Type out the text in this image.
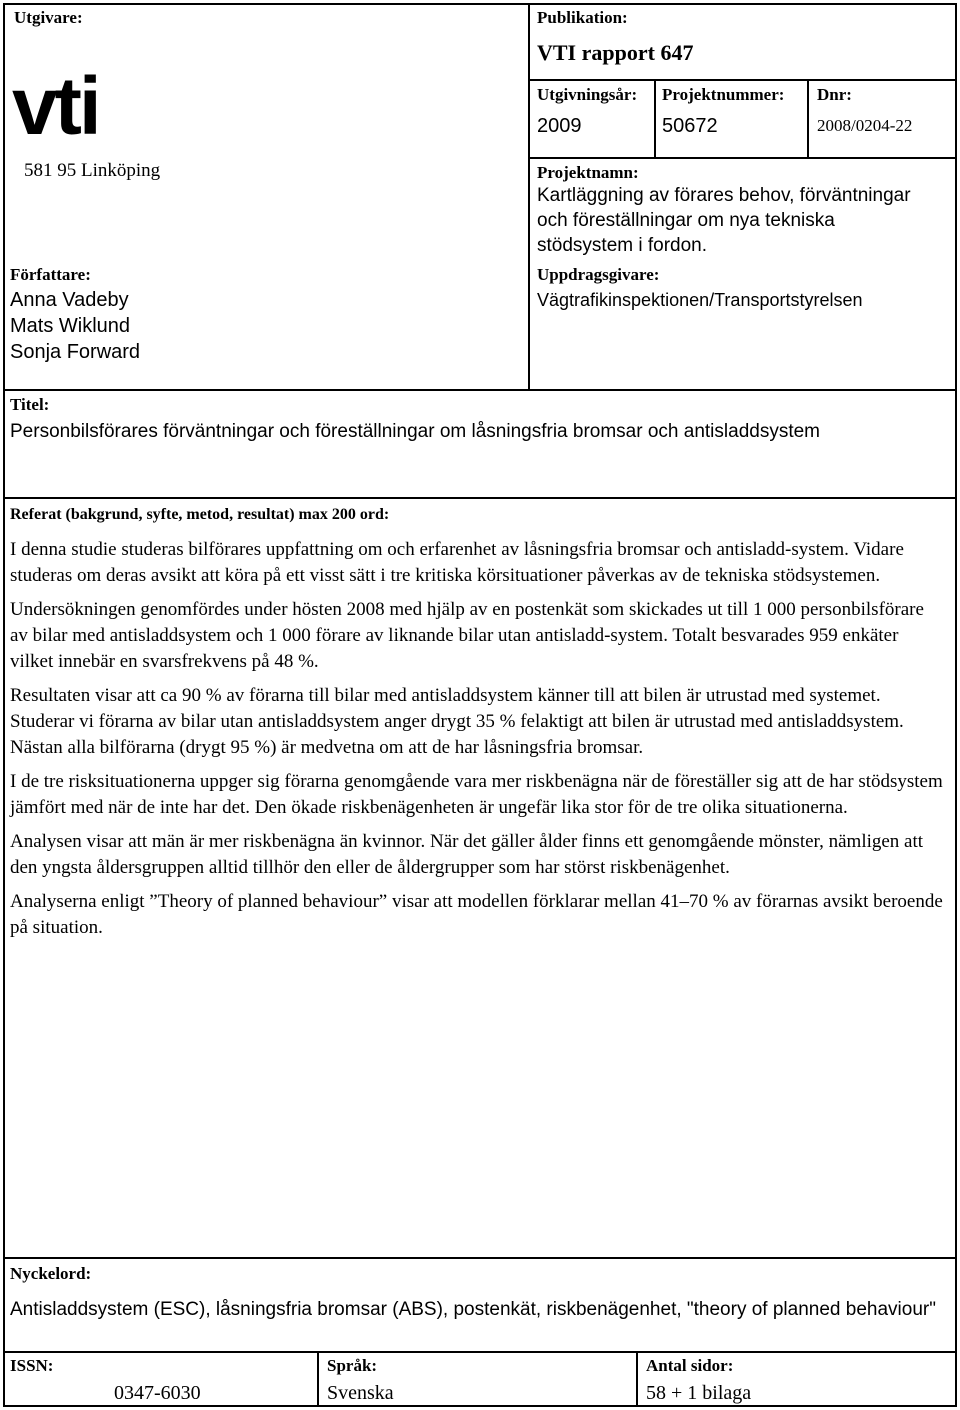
Utgivare:
vti
581 95 Linköping
Författare:
Anna Vadeby
Mats Wiklund
Sonja Forward
Publikation:
VTI rapport 647
Utgivningsår:
2009
Projektnummer:
50672
Dnr:
2008/0204-22
Projektnamn:
Kartläggning av förares behov, förväntningar
och föreställningar om nya tekniska
stödsystem i fordon.
Uppdragsgivare:
Vägtrafikinspektionen/Transportstyrelsen
Titel:
Personbilsförares förväntningar och föreställningar om låsningsfria bromsar och antisladdsystem
Referat (bakgrund, syfte, metod, resultat) max 200 ord:

I denna studie studeras bilförares uppfattning om och erfarenhet av låsningsfria bromsar och antisladd-system. Vidare studeras om deras avsikt att köra på ett visst sätt i tre kritiska körsituationer påverkas av de tekniska stödsystemen.

Undersökningen genomfördes under hösten 2008 med hjälp av en postenkät som skickades ut till 1 000 personbilsförare av bilar med antisladdsystem och 1 000 förare av liknande bilar utan antisladd-system. Totalt besvarades 959 enkäter vilket innebär en svarsfrekvens på 48 %.

Resultaten visar att ca 90 % av förarna till bilar med antisladdsystem känner till att bilen är utrustad med systemet. Studerar vi förarna av bilar utan antisladdsystem anger drygt 35 % felaktigt att bilen är utrustad med antisladdsystem. Nästan alla bilförarna (drygt 95 %) är medvetna om att de har låsningsfria bromsar.

I de tre risksituationerna uppger sig förarna genomgående vara mer riskbenägna när de föreställer sig att de har stödsystem jämfört med när de inte har det. Den ökade riskbenägenheten är ungefär lika stor för de tre olika situationerna.

Analysen visar att män är mer riskbenägna än kvinnor. När det gäller ålder finns ett genomgående mönster, nämligen att den yngsta åldersgruppen alltid tillhör den eller de åldergrupper som har störst riskbenägenhet.

Analyserna enligt ”Theory of planned behaviour” visar att modellen förklarar mellan 41–70 % av förarnas avsikt beroende på situation.

Nyckelord:
Antisladdsystem (ESC), låsningsfria bromsar (ABS), postenkät, riskbenägenhet, "theory of planned behaviour"
ISSN:
0347-6030
Språk:
Svenska
Antal sidor:
58 + 1 bilaga
